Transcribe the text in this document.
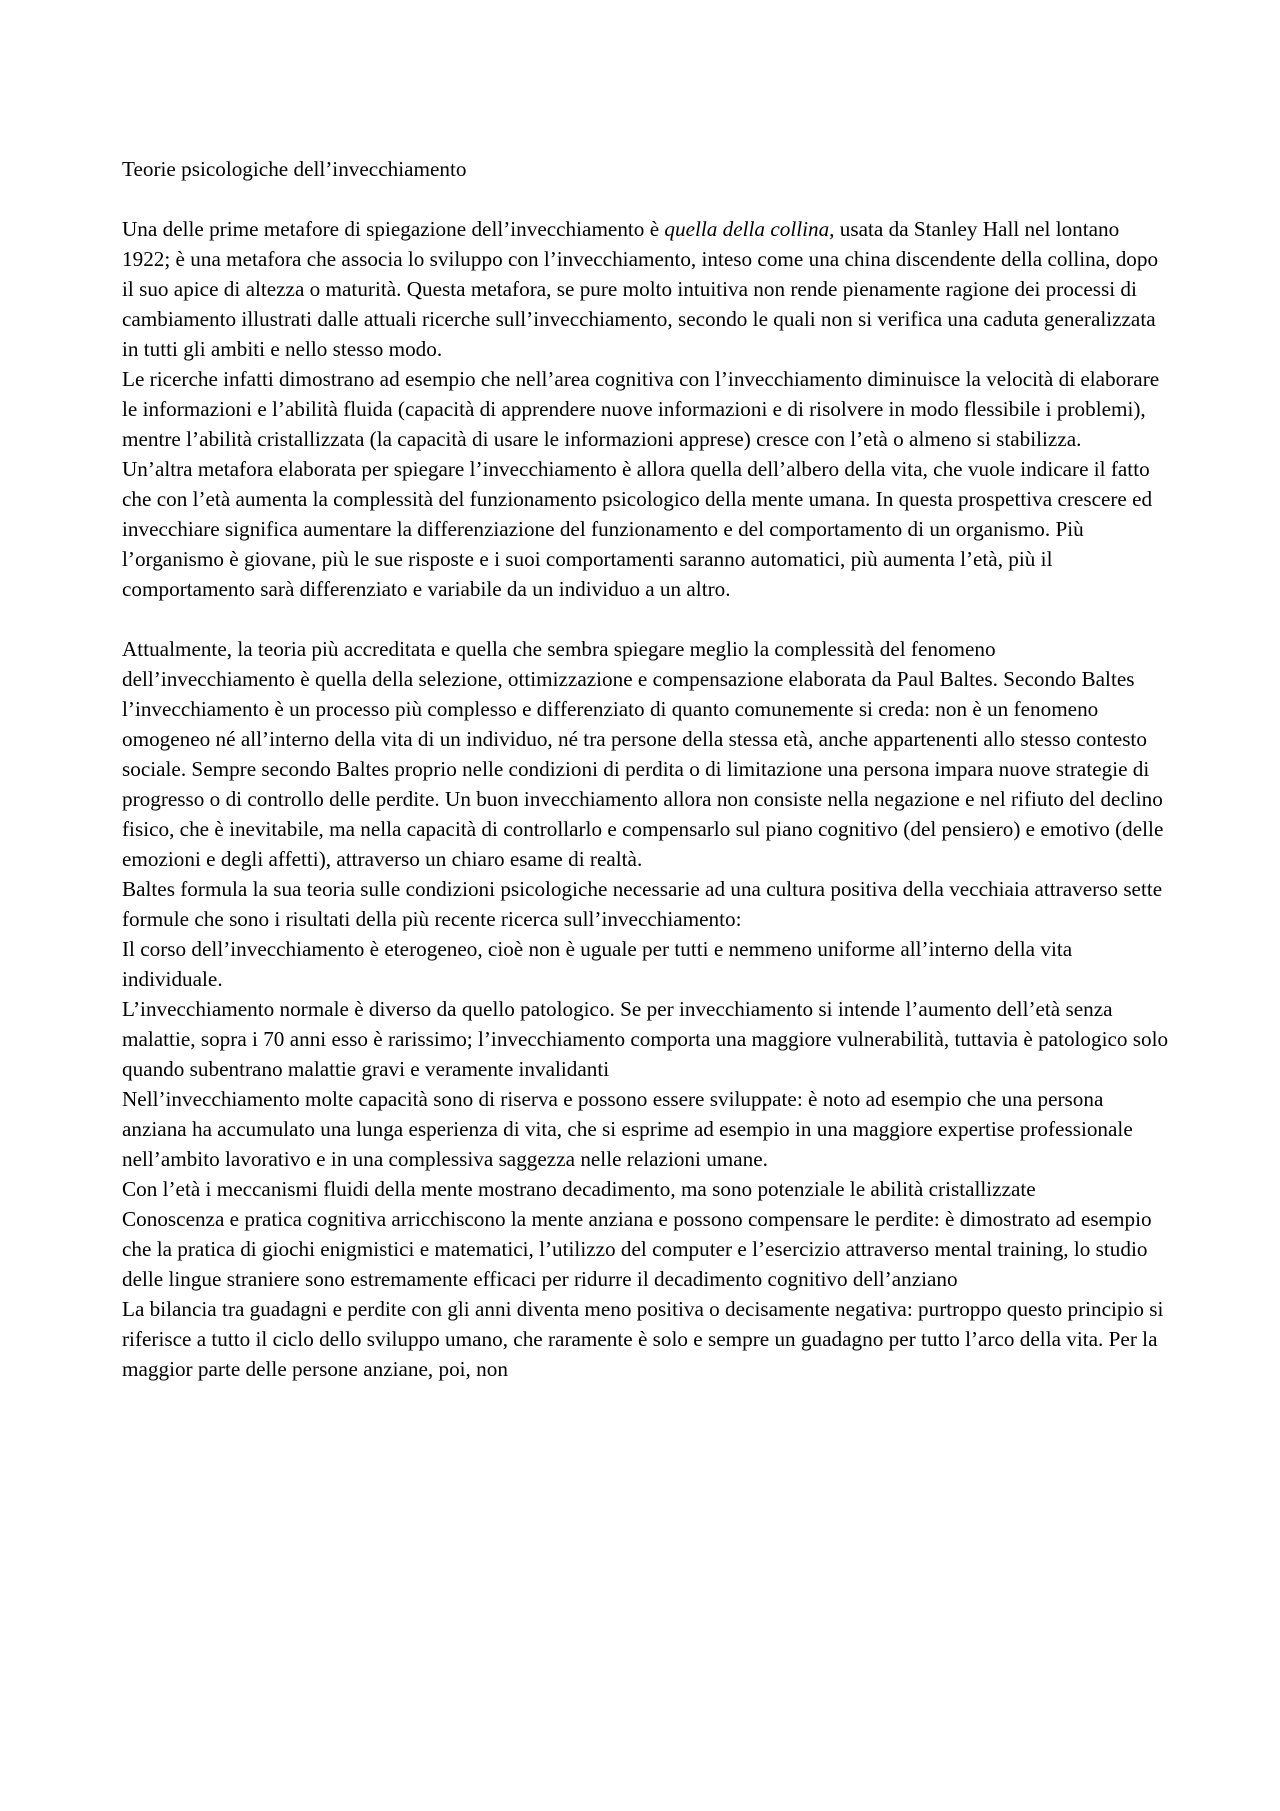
Teorie psicologiche dell’invecchiamento

Una delle prime metafore di spiegazione dell’invecchiamento è quella della collina, usata da Stanley Hall nel lontano 1922; è una metafora che associa lo sviluppo con l’invecchiamento, inteso come una china discendente della collina, dopo il suo apice di altezza o maturità. Questa metafora, se pure molto intuitiva non rende pienamente ragione dei processi di cambiamento illustrati dalle attuali ricerche sull’invecchiamento, secondo le quali non si verifica una caduta generalizzata in tutti gli ambiti e nello stesso modo.

Le ricerche infatti dimostrano ad esempio che nell’area cognitiva con l’invecchiamento diminuisce la velocità di elaborare le informazioni e l’abilità fluida (capacità di apprendere nuove informazioni e di risolvere in modo flessibile i problemi), mentre l’abilità cristallizzata (la capacità di usare le informazioni apprese) cresce con l’età o almeno si stabilizza.

Un’altra metafora elaborata per spiegare l’invecchiamento è allora quella dell’albero della vita, che vuole indicare il fatto che con l’età aumenta la complessità del funzionamento psicologico della mente umana. In questa prospettiva crescere ed invecchiare significa aumentare la differenziazione del funzionamento e del comportamento di un organismo. Più l’organismo è giovane, più le sue risposte e i suoi comportamenti saranno automatici, più aumenta l’età, più il comportamento sarà differenziato e variabile da un individuo a un altro.

Attualmente, la teoria più accreditata e quella che sembra spiegare meglio la complessità del fenomeno dell’invecchiamento è quella della selezione, ottimizzazione e compensazione elaborata da Paul Baltes. Secondo Baltes l’invecchiamento è un processo più complesso e differenziato di quanto comunemente si creda: non è un fenomeno omogeneo né all’interno della vita di un individuo, né tra persone della stessa età, anche appartenenti allo stesso contesto sociale. Sempre secondo Baltes proprio nelle condizioni di perdita o di limitazione una persona impara nuove strategie di progresso o di controllo delle perdite. Un buon invecchiamento allora non consiste nella negazione e nel rifiuto del declino fisico, che è inevitabile, ma nella capacità di controllarlo e compensarlo sul piano cognitivo (del pensiero) e emotivo (delle emozioni e degli affetti), attraverso un chiaro esame di realtà.

Baltes formula la sua teoria sulle condizioni psicologiche necessarie ad una cultura positiva della vecchiaia attraverso sette formule che sono i risultati della più recente ricerca sull’invecchiamento:

Il corso dell’invecchiamento è eterogeneo, cioè non è uguale per tutti e nemmeno uniforme all’interno della vita individuale.

L’invecchiamento normale è diverso da quello patologico. Se per invecchiamento si intende l’aumento dell’età senza malattie, sopra i 70 anni esso è rarissimo; l’invecchiamento comporta una maggiore vulnerabilità, tuttavia è patologico solo quando subentrano malattie gravi e veramente invalidanti

Nell’invecchiamento molte capacità sono di riserva e possono essere sviluppate: è noto ad esempio che una persona anziana ha accumulato una lunga esperienza di vita, che si esprime ad esempio in una maggiore expertise professionale nell’ambito lavorativo e in una complessiva saggezza nelle relazioni umane.

Con l’età i meccanismi fluidi della mente mostrano decadimento, ma sono potenziale le abilità cristallizzate

Conoscenza e pratica cognitiva arricchiscono la mente anziana e possono compensare le perdite: è dimostrato ad esempio che la pratica di giochi enigmistici e matematici, l’utilizzo del computer e l’esercizio attraverso mental training, lo studio delle lingue straniere sono estremamente efficaci per ridurre il decadimento cognitivo dell’anziano

La bilancia tra guadagni e perdite con gli anni diventa meno positiva o decisamente negativa: purtroppo questo principio si riferisce a tutto il ciclo dello sviluppo umano, che raramente è solo e sempre un guadagno per tutto l’arco della vita. Per la maggior parte delle persone anziane, poi, non
